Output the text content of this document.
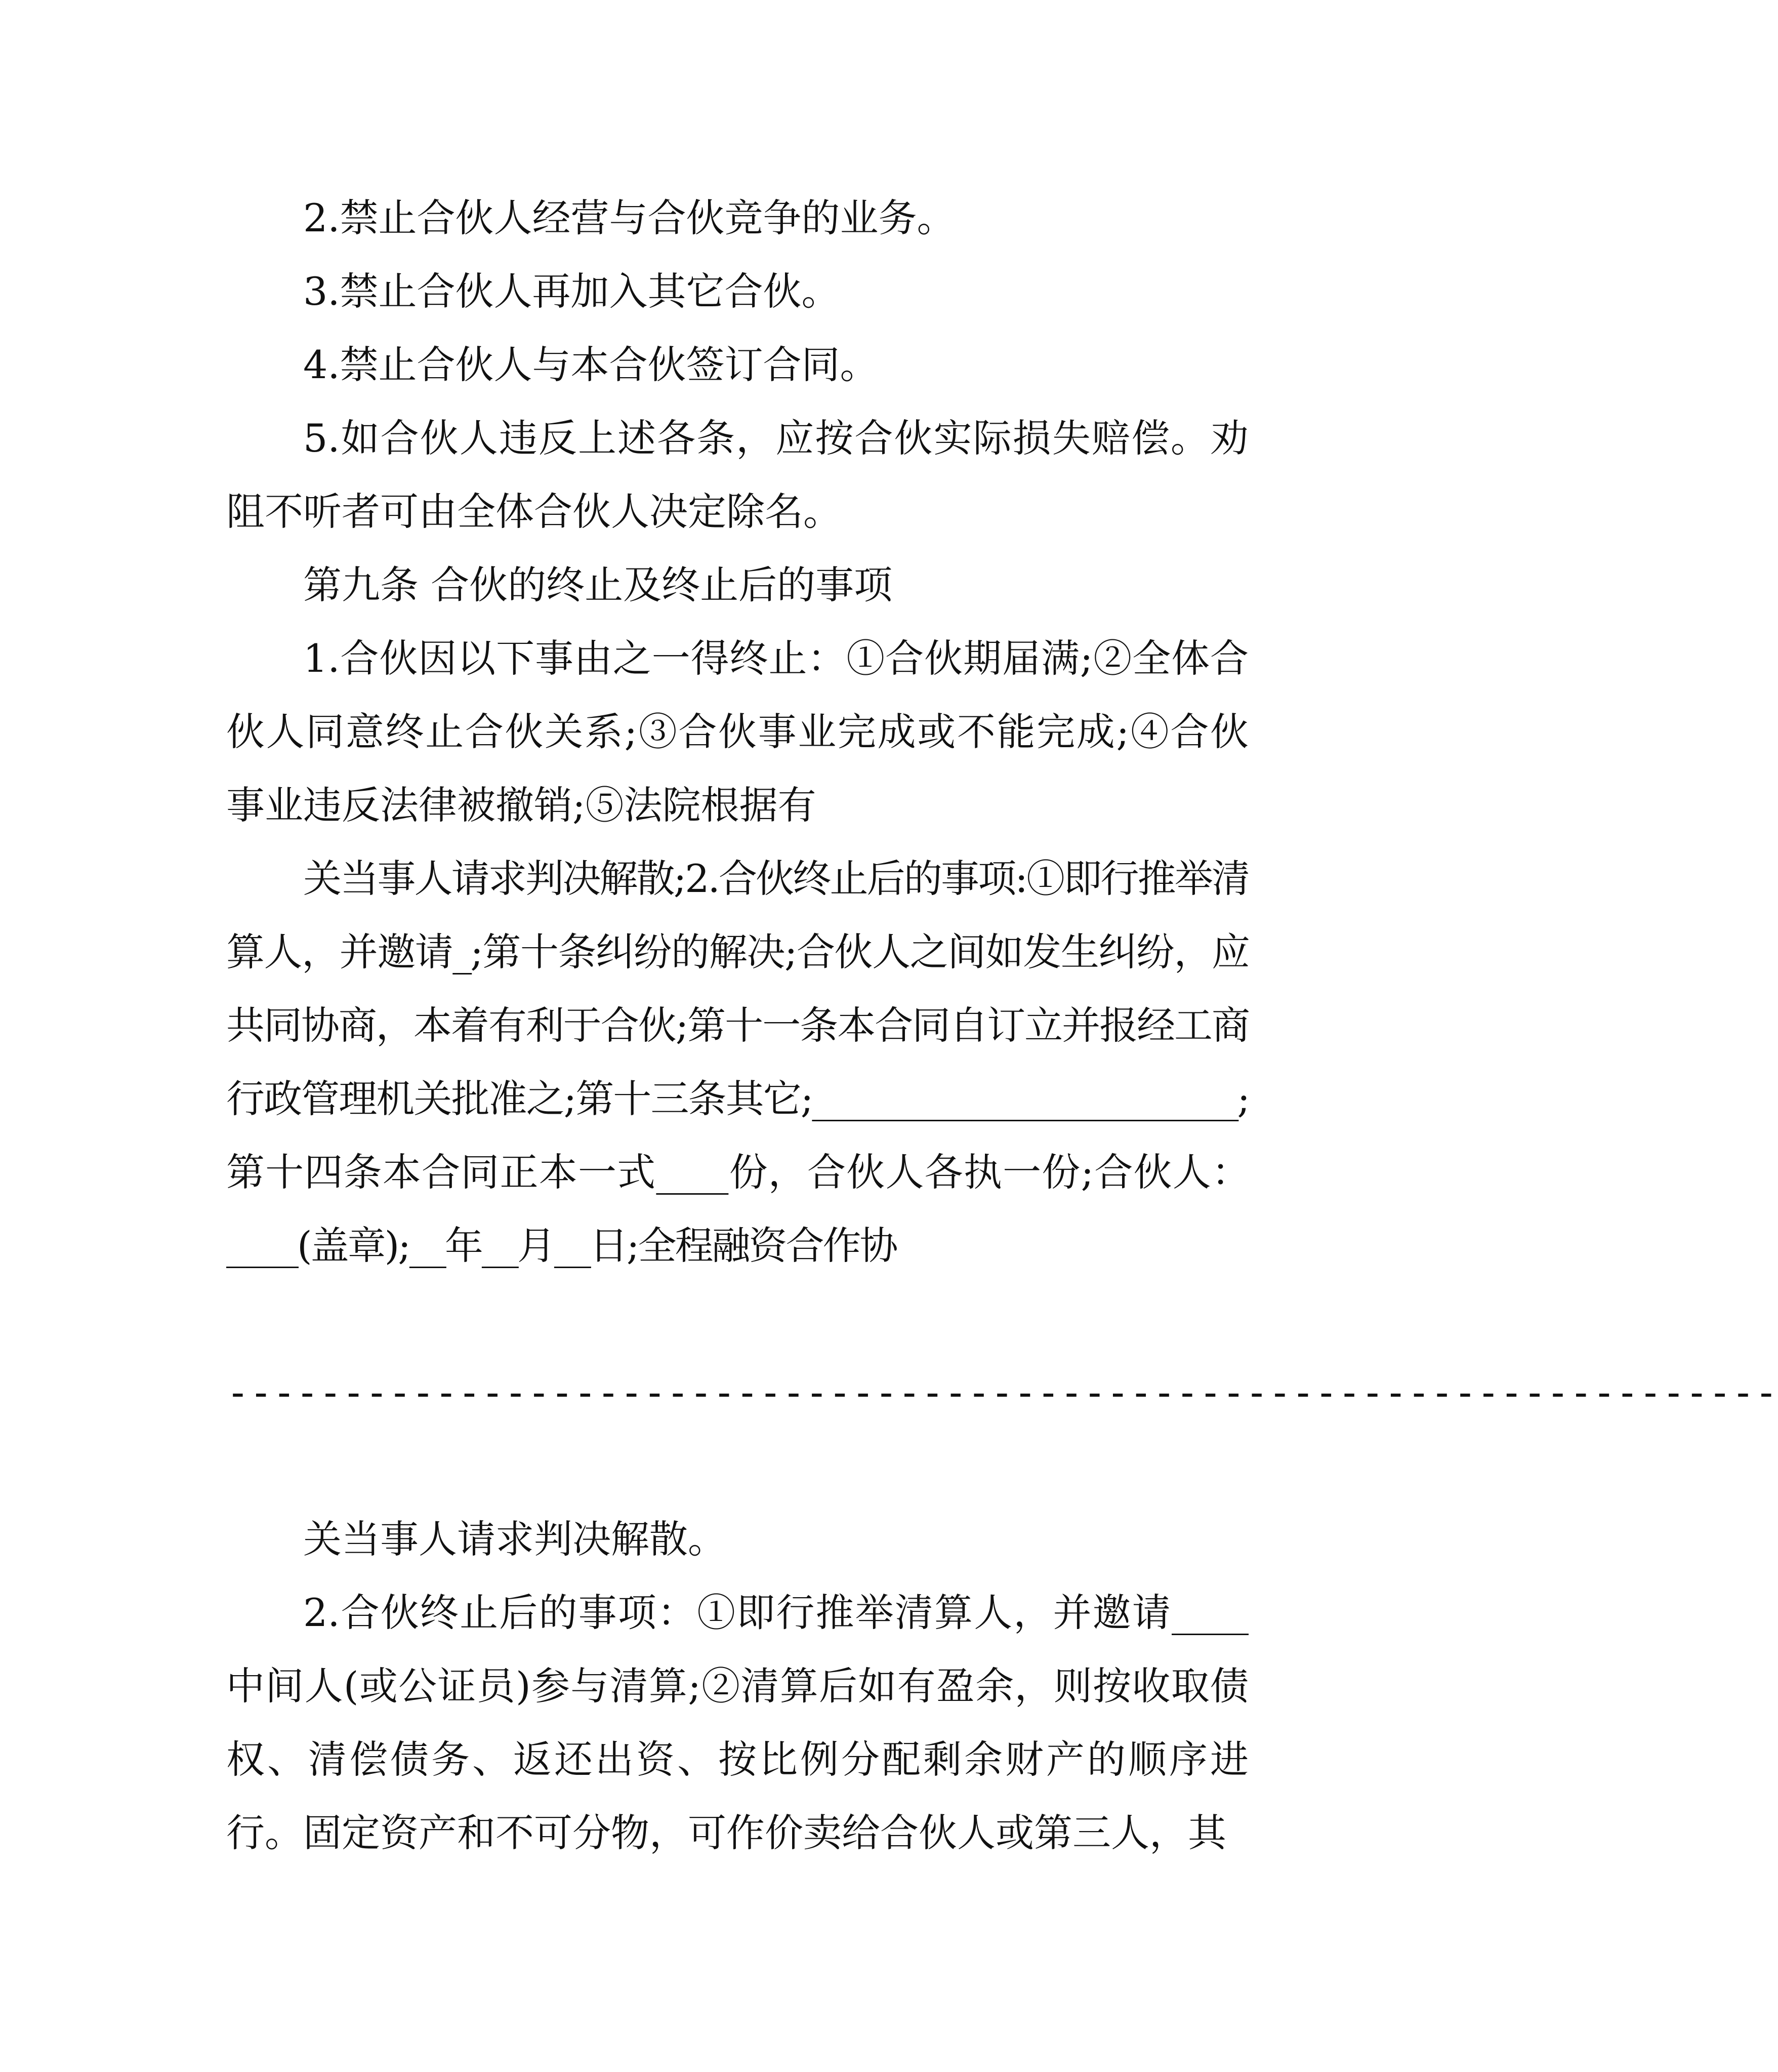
2.禁止合伙人经营与合伙竞争的业务。

3.禁止合伙人再加入其它合伙。

4.禁止合伙人与本合伙签订合同。

5.如合伙人违反上述各条，应按合伙实际损失赔偿。劝阻不听者可由全体合伙人决定除名。

第九条 合伙的终止及终止后的事项

1.合伙因以下事由之一得终止：①合伙期届满;②全体合伙人同意终止合伙关系;③合伙事业完成或不能完成;④合伙事业违反法律被撤销;⑤法院根据有

关当事人请求判决解散;2.合伙终止后的事项:①即行推举清算人，并邀请_;第十条纠纷的解决;合伙人之间如发生纠纷，应共同协商，本着有利于合伙;第十一条本合同自订立并报经工商行政管理机关批准之;第十三条其它;________________________;第十四条本合同正本一式____份，合伙人各执一份;合伙人：____(盖章);__年__月__日;全程融资合作协

-------------------------------------------------------------------

关当事人请求判决解散。

2.合伙终止后的事项：①即行推举清算人，并邀请____中间人(或公证员)参与清算;②清算后如有盈余，则按收取债权、清偿债务、返还出资、按比例分配剩余财产的顺序进行。固定资产和不可分物，可作价卖给合伙人或第三人，其
